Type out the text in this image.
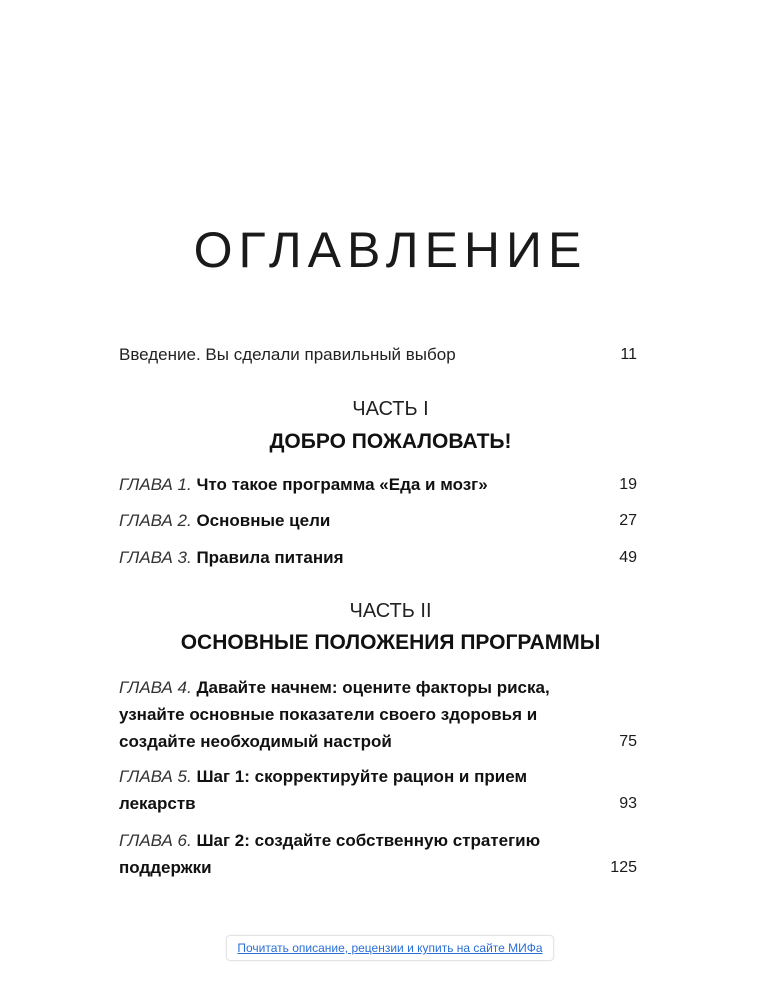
ОГЛАВЛЕНИЕ
Введение. Вы сделали правильный выбор	11
ЧАСТЬ I
ДОБРО ПОЖАЛОВАТЬ!
ГЛАВА 1. Что такое программа «Еда и мозг»	19
ГЛАВА 2. Основные цели	27
ГЛАВА 3. Правила питания	49
ЧАСТЬ II
ОСНОВНЫЕ ПОЛОЖЕНИЯ ПРОГРАММЫ
ГЛАВА 4. Давайте начнем: оцените факторы риска, узнайте основные показатели своего здоровья и создайте необходимый настрой	75
ГЛАВА 5. Шаг 1: скорректируйте рацион и прием лекарств	93
ГЛАВА 6. Шаг 2: создайте собственную стратегию поддержки	125
Почитать описание, рецензии и купить на сайте МИФа
